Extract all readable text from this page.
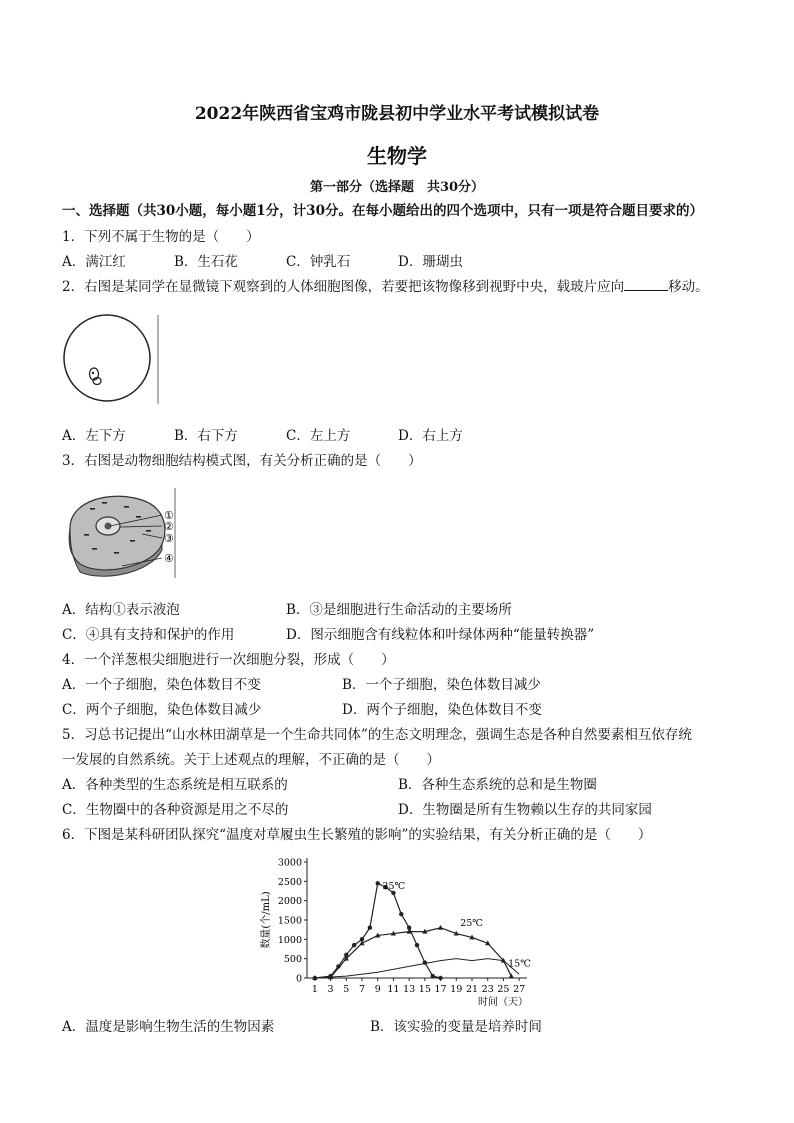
2022年陕西省宝鸡市陇县初中学业水平考试模拟试卷
生物学
第一部分（选择题　共30分）
一、选择题（共30小题，每小题1分，计30分。在每小题给出的四个选项中，只有一项是符合题目要求的）
1．下列不属于生物的是（　　）
A．满江红	B．生石花	C．钟乳石	D．珊瑚虫
2．右图是某同学在显微镜下观察到的人体细胞图像，若要把该物像移到视野中央，载玻片应向	移动。
A．左下方	B．右下方	C．左上方	D．右上方
3．右图是动物细胞结构模式图，有关分析正确的是（　　）
①
②
③
④
A．结构①表示液泡	B．③是细胞进行生命活动的主要场所
C．④具有支持和保护的作用	D．图示细胞含有线粒体和叶绿体两种“能量转换器”
4．一个洋葱根尖细胞进行一次细胞分裂，形成（　　）
A．一个子细胞，染色体数目不变	B．一个子细胞，染色体数目减少
C．两个子细胞，染色体数目减少	D．两个子细胞，染色体数目不变
5．习总书记提出“山水林田湖草是一个生命共同体”的生态文明理念，强调生态是各种自然要素相互依存统
一发展的自然系统。关于上述观点的理解，不正确的是（　　）
A．各种类型的生态系统是相互联系的	B．各种生态系统的总和是生物圈
C．生物圈中的各种资源是用之不尽的	D．生物圈是所有生物赖以生存的共同家园
6．下图是某科研团队探究“温度对草履虫生长繁殖的影响”的实验结果，有关分析正确的是（　　）
0
500
1000
1500
2000
2500
3000
1 3 5 7 9 11 13 15 17 19 21 23 25 27
数量(个/mL)
时间（天）
35℃
25℃
15℃
A．温度是影响生物生活的生物因素	B．该实验的变量是培养时间
